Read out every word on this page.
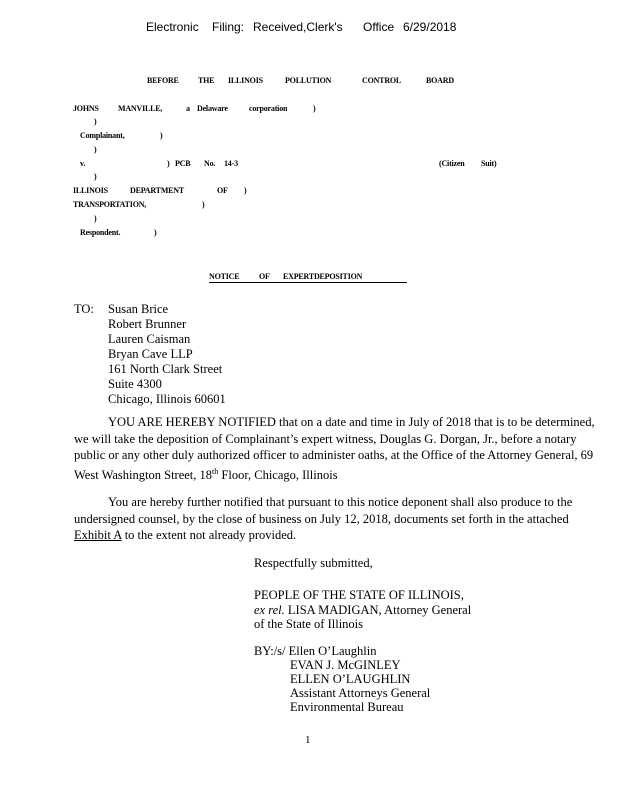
Electronic Filing: Received,Clerk's Office 6/29/2018
BEFORE THE ILLINOIS	POLLUTION	CONTROL	BOARD
JOHNS MANVILLE,	a Delaware	corporation	)
)
Complainant,	)
)
v.	) PCB No. 14-3	(Citizen Suit)
)
ILLINOIS	DEPARTMENT	OF )
TRANSPORTATION,	)
)
Respondent.	)
NOTICE OF EXPERTDEPOSITION
TO: Susan Brice
Robert Brunner
Lauren Caisman
Bryan Cave LLP
161 North Clark Street
Suite 4300
Chicago, Illinois 60601
YOU ARE HEREBY NOTIFIED that on a date and time in July of 2018 that is to be determined, we will take the deposition of Complainant’s expert witness, Douglas G. Dorgan, Jr., before a notary public or any other duly authorized officer to administer oaths, at the Office of the Attorney General, 69 West Washington Street, 18th Floor, Chicago, Illinois
You are hereby further notified that pursuant to this notice deponent shall also produce to the undersigned counsel, by the close of business on July 12, 2018, documents set forth in the attached Exhibit A to the extent not already provided.
Respectfully submitted,
PEOPLE OF THE STATE OF ILLINOIS,
ex rel. LISA MADIGAN, Attorney General
of the State of Illinois
BY:/s/ Ellen O’Laughlin
EVAN J. McGINLEY
ELLEN O’LAUGHLIN
Assistant Attorneys General
Environmental Bureau
1
